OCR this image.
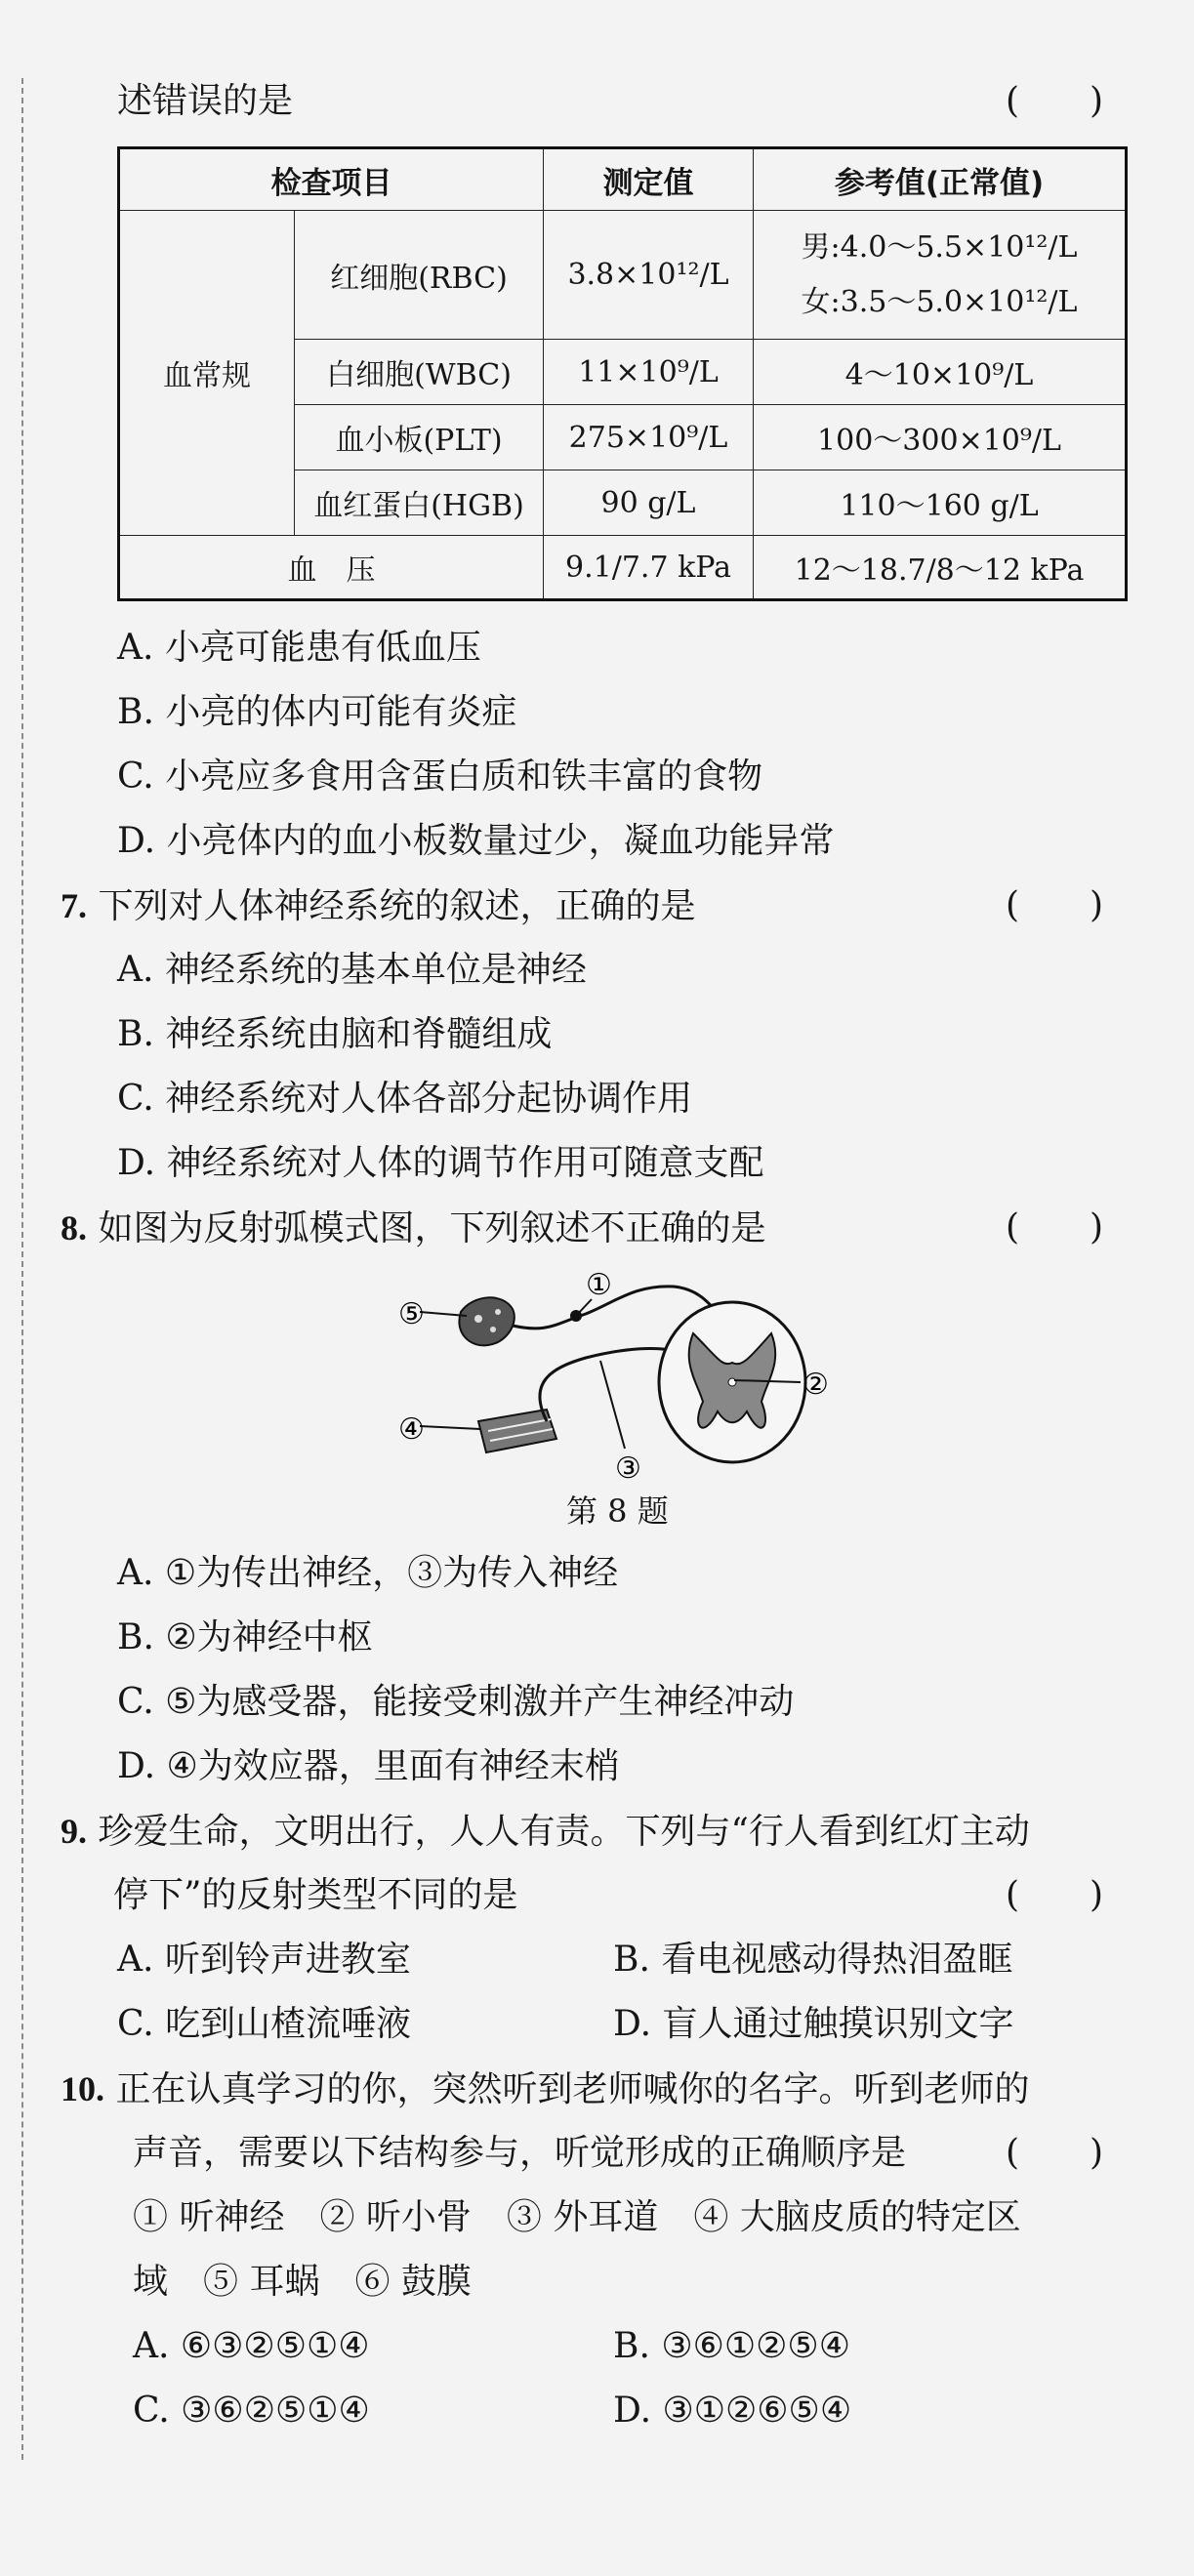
述错误的是	(　　)
检查项目		测定值	参考值(正常值)
血常规	红细胞(RBC)	3.8×10¹²/L	男:4.0～5.5×10¹²/L
女:3.5～5.0×10¹²/L

	白细胞(WBC)	11×10⁹/L	4～10×10⁹/L
	血小板(PLT)	275×10⁹/L	100～300×10⁹/L
	血红蛋白(HGB)	90 g/L	110～160 g/L
血　压		9.1/7.7 kPa	12～18.7/8～12 kPa
A. 小亮可能患有低血压
B. 小亮的体内可能有炎症
C. 小亮应多食用含蛋白质和铁丰富的食物
D. 小亮体内的血小板数量过少，凝血功能异常
7. 下列对人体神经系统的叙述，正确的是	(　　)
A. 神经系统的基本单位是神经
B. 神经系统由脑和脊髓组成
C. 神经系统对人体各部分起协调作用
D. 神经系统对人体的调节作用可随意支配
8. 如图为反射弧模式图，下列叙述不正确的是	(　　)
⑤
①
②
④
③
第 8 题
A. ①为传出神经，③为传入神经
B. ②为神经中枢
C. ⑤为感受器，能接受刺激并产生神经冲动
D. ④为效应器，里面有神经末梢
9. 珍爱生命，文明出行，人人有责。下列与“行人看到红灯主动
停下”的反射类型不同的是	(　　)
A. 听到铃声进教室	B. 看电视感动得热泪盈眶
C. 吃到山楂流唾液	D. 盲人通过触摸识别文字
10. 正在认真学习的你，突然听到老师喊你的名字。听到老师的
声音，需要以下结构参与，听觉形成的正确顺序是	(　　)
① 听神经　② 听小骨　③ 外耳道　④ 大脑皮质的特定区
域　⑤ 耳蜗　⑥ 鼓膜
A. ⑥③②⑤①④	B. ③⑥①②⑤④
C. ③⑥②⑤①④	D. ③①②⑥⑤④
